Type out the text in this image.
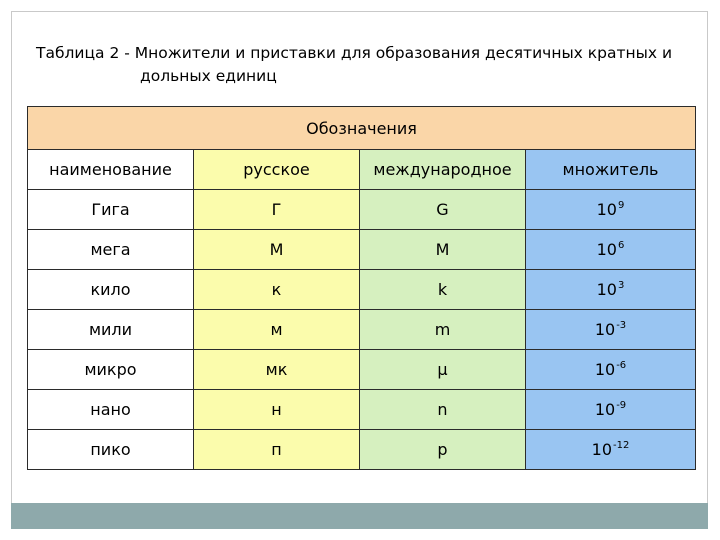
Таблица 2 - Множители и приставки для образования десятичных кратных и
дольных единиц
Обозначения			
наименование	русское	международное	множитель
Гига	Г	G	$10^9$
мега	М	M	$10^6$
кило	к	k	$10^3$
мили	м	m	$10^{-3}$
микро	мк	μ	$10^{-6}$
нано	н	n	$10^{-9}$
пико	п	p	$10^{-12}$
